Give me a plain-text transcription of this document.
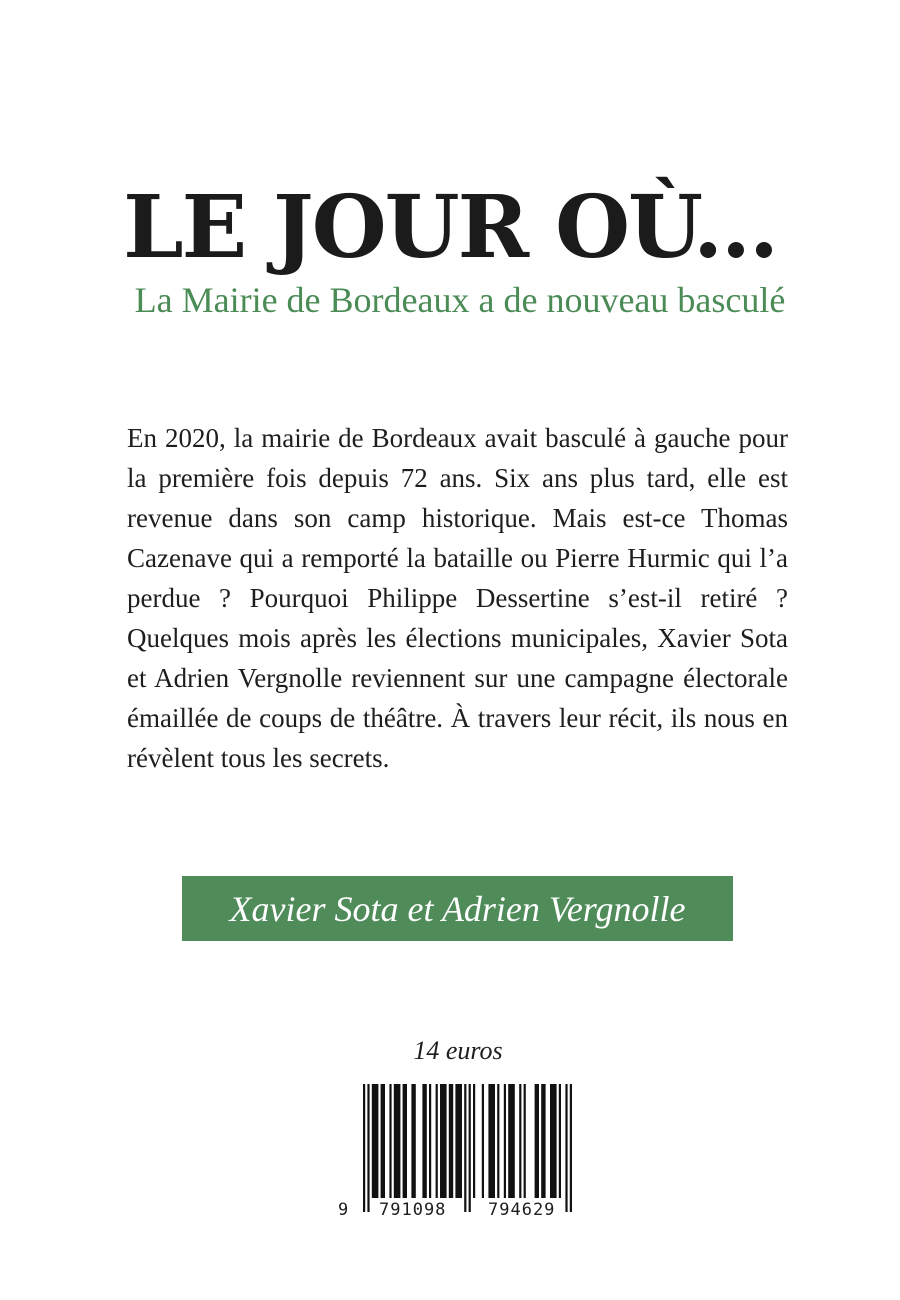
LE JOUR OÙ...
La Mairie de Bordeaux a de nouveau basculé

En 2020, la mairie de Bordeaux avait basculé à gauche pour la première fois depuis 72 ans. Six ans plus tard, elle est revenue dans son camp historique. Mais est-ce Thomas Cazenave qui a remporté la bataille ou Pierre Hurmic qui l’a perdue ? Pourquoi Philippe Dessertine s’est-il retiré ? Quelques mois après les élections municipales, Xavier Sota et Adrien Vergnolle reviennent sur une campagne électorale émaillée de coups de théâtre. À travers leur récit, ils nous en révèlent tous les secrets.

Xavier Sota et Adrien Vergnolle
14 euros
9 791098 794629
